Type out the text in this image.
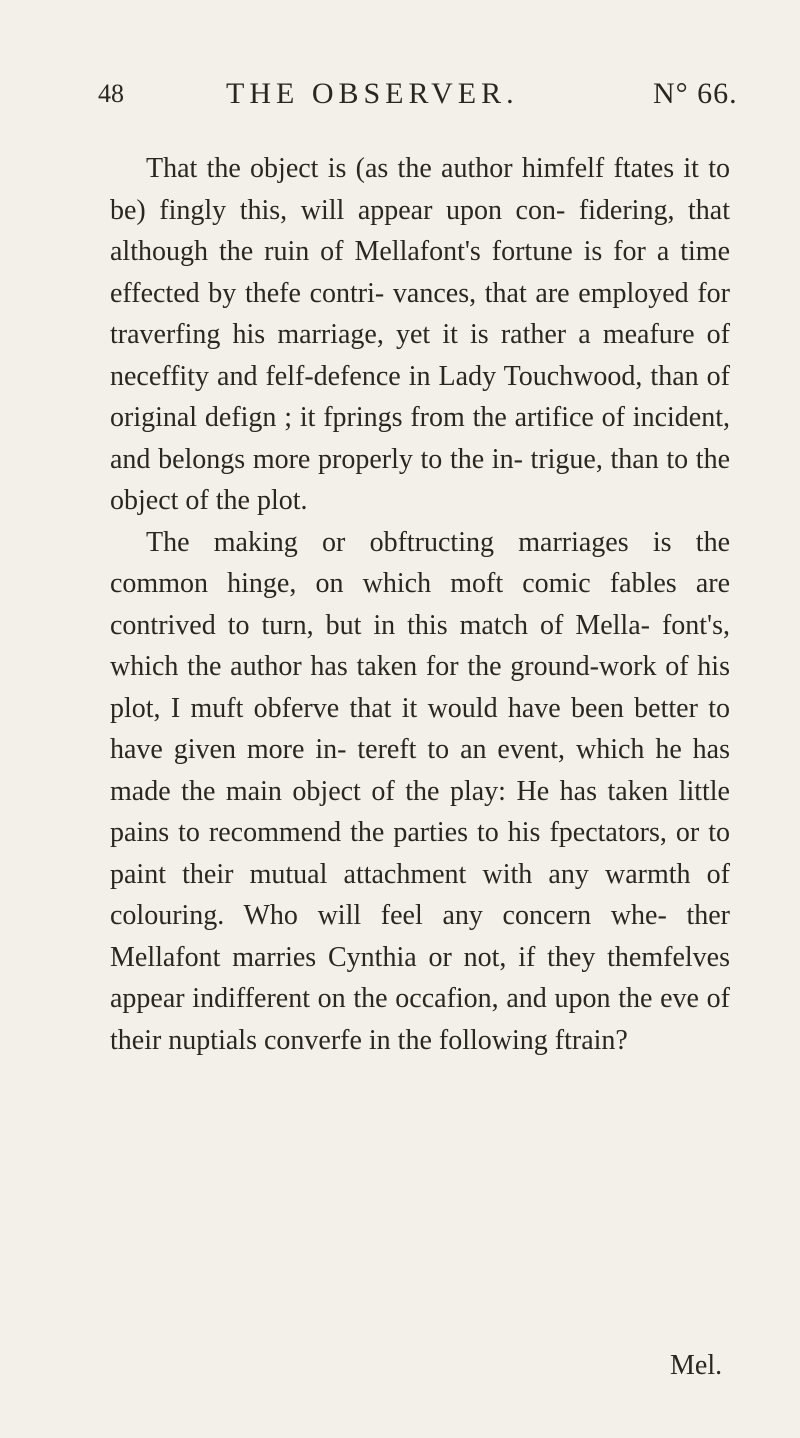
48	THE OBSERVER.	N° 66.

That the object is (as the author himfelf ftates it to be) fingly this, will appear upon con- fidering, that although the ruin of Mellafont's fortune is for a time effected by thefe contri- vances, that are employed for traverfing his marriage, yet it is rather a meafure of neceffity and felf-defence in Lady Touchwood, than of original defign ; it fprings from the artifice of incident, and belongs more properly to the in- trigue, than to the object of the plot.

The making or obftructing marriages is the common hinge, on which moft comic fables are contrived to turn, but in this match of Mella- font's, which the author has taken for the ground-work of his plot, I muft obferve that it would have been better to have given more in- tereft to an event, which he has made the main object of the play: He has taken little pains to recommend the parties to his fpectators, or to paint their mutual attachment with any warmth of colouring. Who will feel any concern whe- ther Mellafont marries Cynthia or not, if they themfelves appear indifferent on the occafion, and upon the eve of their nuptials converfe in the following ftrain?

Mel.
